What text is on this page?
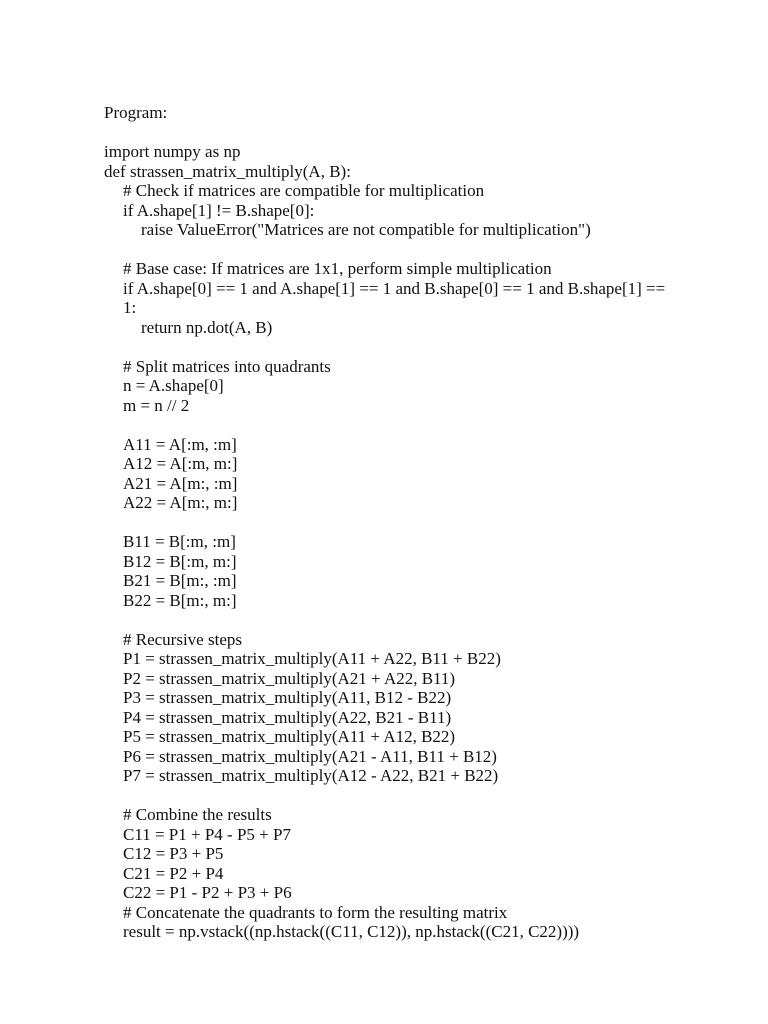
Program:
import numpy as np
def strassen_matrix_multiply(A, B):
# Check if matrices are compatible for multiplication
if A.shape[1] != B.shape[0]:
raise ValueError("Matrices are not compatible for multiplication")
# Base case: If matrices are 1x1, perform simple multiplication
if A.shape[0] == 1 and A.shape[1] == 1 and B.shape[0] == 1 and B.shape[1] ==
1:
return np.dot(A, B)
# Split matrices into quadrants
n = A.shape[0]
m = n // 2
A11 = A[:m, :m]
A12 = A[:m, m:]
A21 = A[m:, :m]
A22 = A[m:, m:]
B11 = B[:m, :m]
B12 = B[:m, m:]
B21 = B[m:, :m]
B22 = B[m:, m:]
# Recursive steps
P1 = strassen_matrix_multiply(A11 + A22, B11 + B22)
P2 = strassen_matrix_multiply(A21 + A22, B11)
P3 = strassen_matrix_multiply(A11, B12 - B22)
P4 = strassen_matrix_multiply(A22, B21 - B11)
P5 = strassen_matrix_multiply(A11 + A12, B22)
P6 = strassen_matrix_multiply(A21 - A11, B11 + B12)
P7 = strassen_matrix_multiply(A12 - A22, B21 + B22)
# Combine the results
C11 = P1 + P4 - P5 + P7
C12 = P3 + P5
C21 = P2 + P4
C22 = P1 - P2 + P3 + P6
# Concatenate the quadrants to form the resulting matrix
result = np.vstack((np.hstack((C11, C12)), np.hstack((C21, C22))))
